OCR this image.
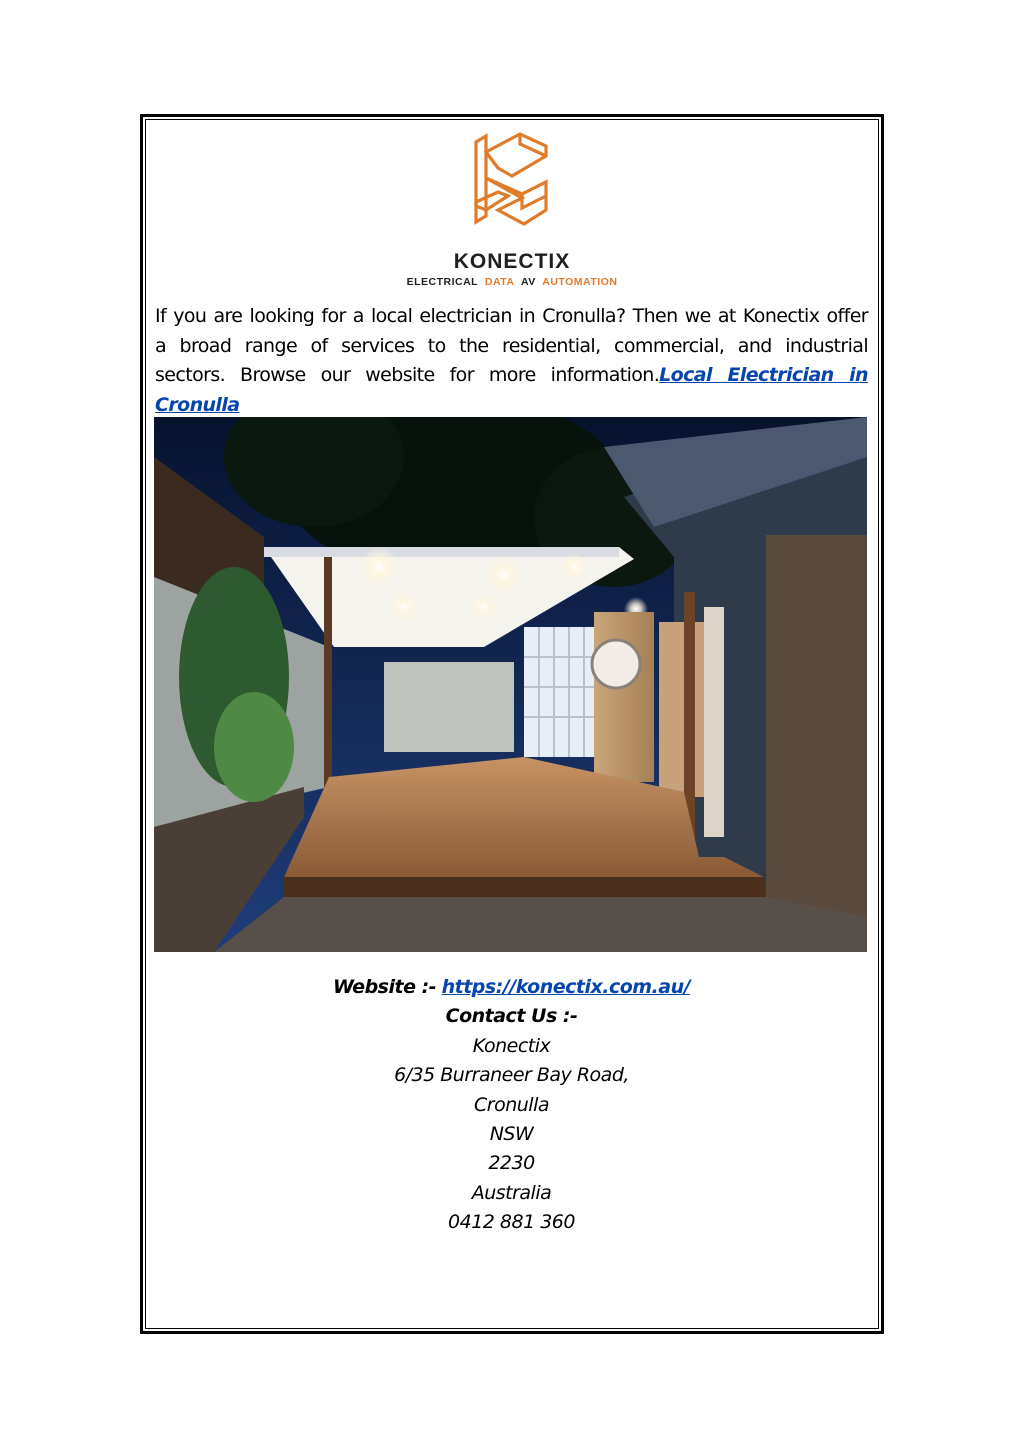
KONECTIX
ELECTRICAL DATA AV AUTOMATION
If you are looking for a local electrician in Cronulla? Then we at Konectix offer a broad range of services to the residential, commercial, and industrial sectors. Browse our website for more information.Local Electrician in Cronulla
Website :- https://konectix.com.au/
Contact Us :-
Konectix
6/35 Burraneer Bay Road,
Cronulla
NSW
2230
Australia
0412 881 360
